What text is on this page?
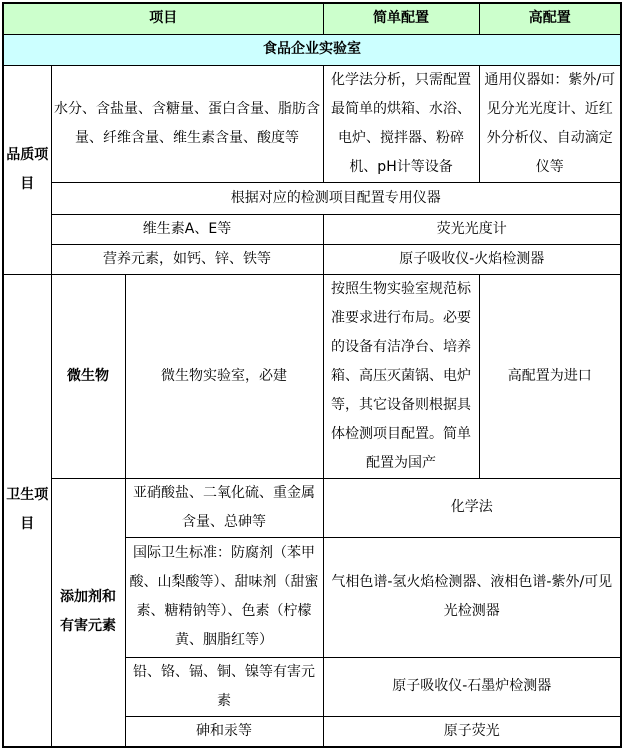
项目			简单配置	高配置
食品企业实验室				
品质项目	水分、含盐量、含糖量、蛋白含量、脂肪含量、纤维含量、维生素含量、酸度等		化学法分析，只需配置最简单的烘箱、水浴、电炉、搅拌器、粉碎机、pH计等设备	通用仪器如：紫外/可见分光光度计、近红外分析仪、自动滴定仪等
	根据对应的检测项目配置专用仪器			
	维生素A、E等		荧光光度计	
	营养元素，如钙、锌、铁等		原子吸收仪-火焰检测器	
卫生项目	微生物	微生物实验室，必建	按照生物实验室规范标准要求进行布局。必要的设备有洁净台、培养箱、高压灭菌锅、电炉等，其它设备则根据具体检测项目配置。简单配置为国产	高配置为进口
	添加剂和有害元素	亚硝酸盐、二氧化硫、重金属含量、总砷等	化学法	
		国际卫生标准：防腐剂（苯甲酸、山梨酸等）、甜味剂（甜蜜素、糖精钠等）、色素（柠檬黄、胭脂红等）	气相色谱-氢火焰检测器、液相色谱-紫外/可见光检测器	
		铅、铬、镉、铜、镍等有害元素	原子吸收仪-石墨炉检测器	
		砷和汞等	原子荧光	
